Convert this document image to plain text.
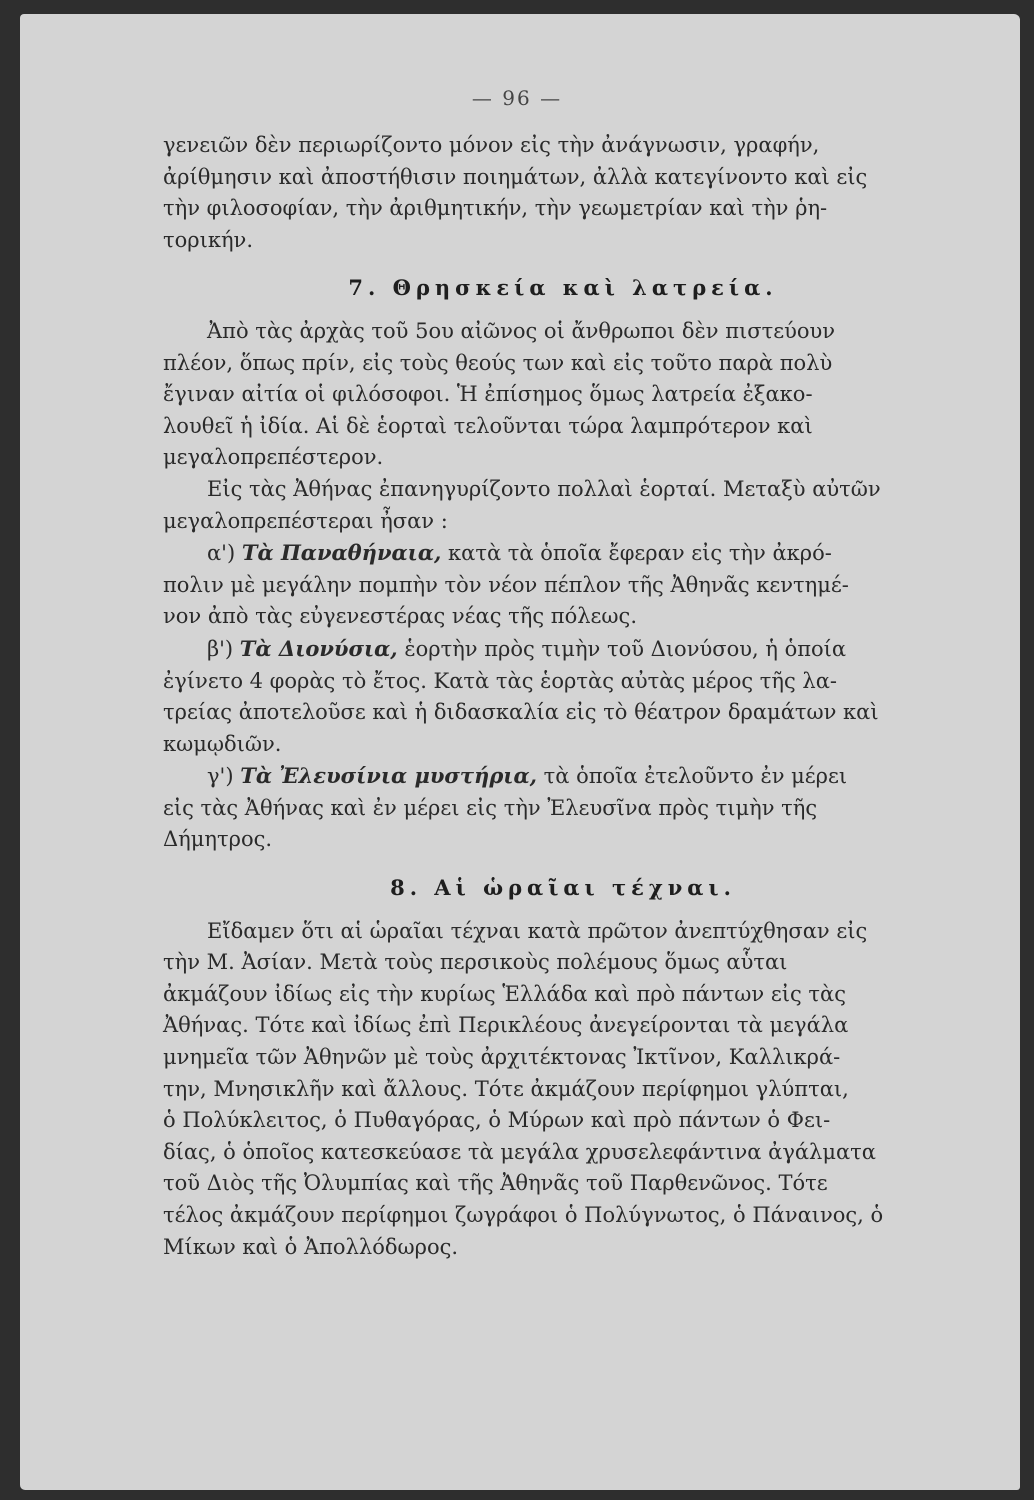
— 96 —
γενειῶν δὲν περιωρίζοντο μόνον εἰς τὴν ἀνάγνωσιν, γραφήν,
ἀρίθμησιν καὶ ἀποστήθισιν ποιημάτων, ἀλλὰ κατεγίνοντο καὶ εἰς
τὴν φιλοσοφίαν, τὴν ἀριθμητικήν, τὴν γεωμετρίαν καὶ τὴν ῥη-
τορικήν.
7. Θρησκεία καὶ λατρεία.
Ἀπὸ τὰς ἀρχὰς τοῦ 5ου αἰῶνος οἱ ἄνθρωποι δὲν πιστεύουν
πλέον, ὅπως πρίν, εἰς τοὺς θεούς των καὶ εἰς τοῦτο παρὰ πολὺ
ἔγιναν αἰτία οἱ φιλόσοφοι. Ἡ ἐπίσημος ὅμως λατρεία ἐξακο-
λουθεῖ ἡ ἰδία. Αἱ δὲ ἑορταὶ τελοῦνται τώρα λαμπρότερον καὶ
μεγαλοπρεπέστερον.
Εἰς τὰς Ἀθήνας ἐπανηγυρίζοντο πολλαὶ ἑορταί. Μεταξὺ αὐτῶν
μεγαλοπρεπέστεραι ἦσαν :
α') Τὰ Παναθήναια, κατὰ τὰ ὁποῖα ἔφεραν εἰς τὴν ἀκρό-
πολιν μὲ μεγάλην πομπὴν τὸν νέον πέπλον τῆς Ἀθηνᾶς κεντημέ-
νον ἀπὸ τὰς εὐγενεστέρας νέας τῆς πόλεως.
β') Τὰ Διονύσια, ἑορτὴν πρὸς τιμὴν τοῦ Διονύσου, ἡ ὁποία
ἐγίνετο 4 φορὰς τὸ ἔτος. Κατὰ τὰς ἑορτὰς αὐτὰς μέρος τῆς λα-
τρείας ἀποτελοῦσε καὶ ἡ διδασκαλία εἰς τὸ θέατρον δραμάτων καὶ
κωμῳδιῶν.
γ') Τὰ Ἐλευσίνια μυστήρια, τὰ ὁποῖα ἐτελοῦντο ἐν μέρει
εἰς τὰς Ἀθήνας καὶ ἐν μέρει εἰς τὴν Ἐλευσῖνα πρὸς τιμὴν τῆς
Δήμητρος.
8. Αἱ ὡραῖαι τέχναι.
Εἴδαμεν ὅτι αἱ ὡραῖαι τέχναι κατὰ πρῶτον ἀνεπτύχθησαν εἰς
τὴν Μ. Ἀσίαν. Μετὰ τοὺς περσικοὺς πολέμους ὅμως αὗται
ἀκμάζουν ἰδίως εἰς τὴν κυρίως Ἑλλάδα καὶ πρὸ πάντων εἰς τὰς
Ἀθήνας. Τότε καὶ ἰδίως ἐπὶ Περικλέους ἀνεγείρονται τὰ μεγάλα
μνημεῖα τῶν Ἀθηνῶν μὲ τοὺς ἀρχιτέκτονας Ἰκτῖνον, Καλλικρά-
την, Μνησικλῆν καὶ ἄλλους. Τότε ἀκμάζουν περίφημοι γλύπται,
ὁ Πολύκλειτος, ὁ Πυθαγόρας, ὁ Μύρων καὶ πρὸ πάντων ὁ Φει-
δίας, ὁ ὁποῖος κατεσκεύασε τὰ μεγάλα χρυσελεφάντινα ἀγάλματα
τοῦ Διὸς τῆς Ὀλυμπίας καὶ τῆς Ἀθηνᾶς τοῦ Παρθενῶνος. Τότε
τέλος ἀκμάζουν περίφημοι ζωγράφοι ὁ Πολύγνωτος, ὁ Πάναινος, ὁ
Μίκων καὶ ὁ Ἀπολλόδωρος.
